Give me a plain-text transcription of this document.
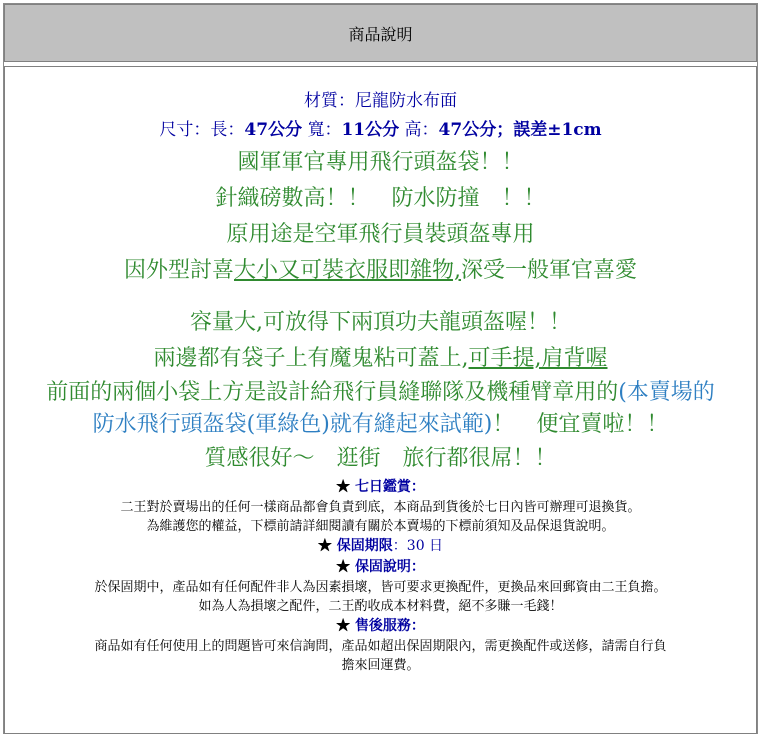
商品說明
材質：尼龍防水布面
尺寸：長：47公分 寬：11公分 高：47公分；誤差±1cm
國軍軍官專用飛行頭盔袋！！
針織磅數高！！　防水防撞　！！
原用途是空軍飛行員裝頭盔專用
因外型討喜大小又可裝衣服即雜物,深受一般軍官喜愛
容量大,可放得下兩頂功夫龍頭盔喔！！
兩邊都有袋子上有魔鬼粘可蓋上,可手提,肩背喔
前面的兩個小袋上方是設計給飛行員縫聯隊及機種臂章用的(本賣場的
防水飛行頭盔袋(軍綠色)就有縫起來試範)！　便宜賣啦！！
質感很好～　逛街　旅行都很屌！！
★ 七日鑑賞：
二王對於賣場出的任何一樣商品都會負責到底，本商品到貨後於七日內皆可辦理可退換貨。
為維護您的權益，下標前請詳細閱讀有關於本賣場的下標前須知及品保退貨說明。
★ 保固期限：30 日
★ 保固說明：
於保固期中，產品如有任何配件非人為因素損壞，皆可要求更換配件，更換品來回郵資由二王負擔。
如為人為損壞之配件，二王酌收成本材料費，絕不多賺一毛錢！
★ 售後服務：
商品如有任何使用上的問題皆可來信詢問，產品如超出保固期限內，需更換配件或送修，請需自行負
擔來回運費。
